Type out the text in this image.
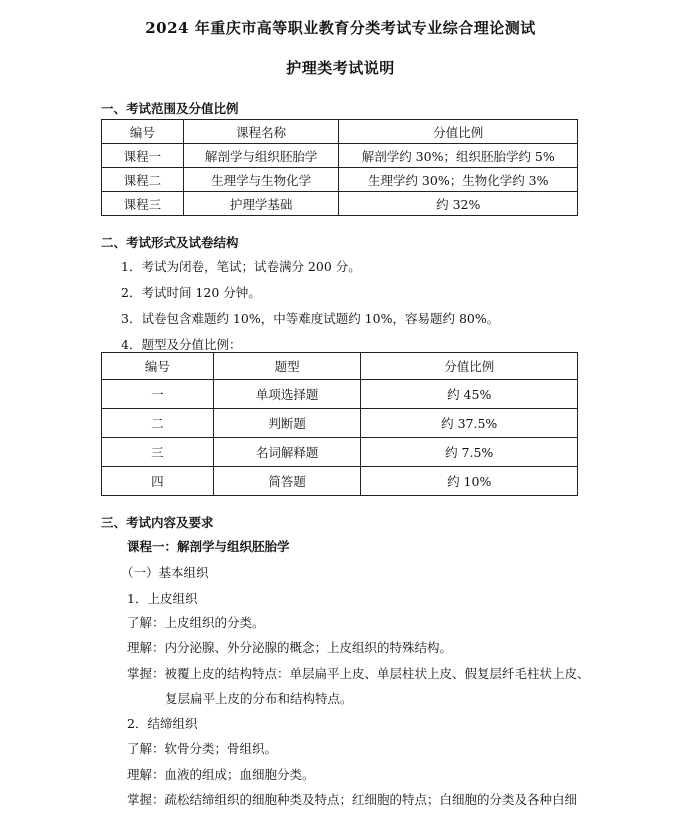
2024 年重庆市高等职业教育分类考试专业综合理论测试
护理类考试说明
一、考试范围及分值比例
编号	课程名称	分值比例
课程一	解剖学与组织胚胎学	解剖学约 30%；组织胚胎学约 5%
课程二	生理学与生物化学	生理学约 30%；生物化学约 3%
课程三	护理学基础	约 32%
二、考试形式及试卷结构
1．考试为闭卷，笔试；试卷满分 200 分。
2．考试时间 120 分钟。
3．试卷包含难题约 10%，中等难度试题约 10%，容易题约 80%。
4．题型及分值比例：
编号	题型	分值比例
一	单项选择题	约 45%
二	判断题	约 37.5%
三	名词解释题	约 7.5%
四	简答题	约 10%
三、考试内容及要求
课程一：解剖学与组织胚胎学
（一）基本组织
1．上皮组织
了解：上皮组织的分类。
理解：内分泌腺、外分泌腺的概念；上皮组织的特殊结构。
掌握：被覆上皮的结构特点：单层扁平上皮、单层柱状上皮、假复层纤毛柱状上皮、
复层扁平上皮的分布和结构特点。
2．结缔组织
了解：软骨分类；骨组织。
理解：血液的组成；血细胞分类。
掌握：疏松结缔组织的细胞种类及特点；红细胞的特点；白细胞的分类及各种白细
